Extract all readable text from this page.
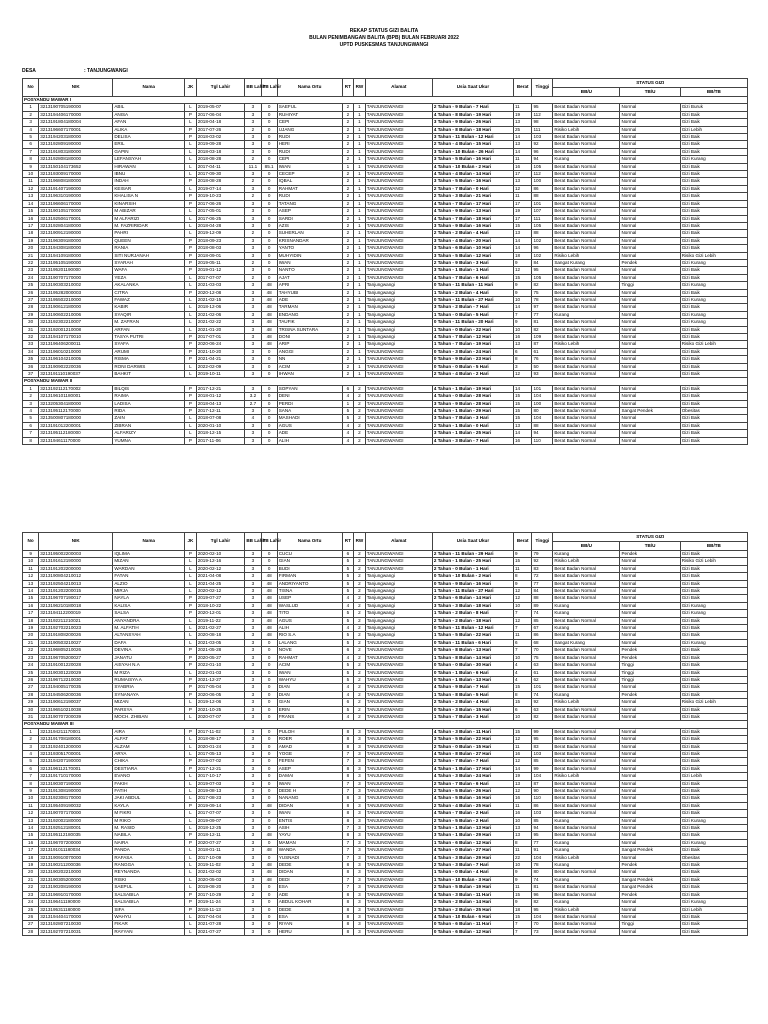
REKAP STATUS GIZI BALITA
BULAN PENIMBANGAN BALITA (BPB) BULAN FEBRUARI 2022
UPTD PUSKESMAS TANJUNGWANGI
DESA	: TANJUNGWANGI
No	NIK	Nama	JK	Tgl Lahir	BB Lahir	TB Lahir	Nama Ortu	RT	RW	Alamat	Usia Saat Ukur	Berat	Tinggi	STATUS GIZI		
														BB/U	TB/U	BB/TB
POSYANDU MAWAR I																
1	3213190705190000	ABIL	L	2019-05-07	3	0	SAEFUL	2	1	TANJUNGWANGI	2 Tahun - 9 Bulan - 7 Hari	11	95	Berat Badan Normal	Normal	Gizi Buruk
2	3213194406170000	ANISA	P	2017-06-04	3	0	RUHIYAT	2	1	TANJUNGWANGI	4 Tahun - 8 Bulan - 19 Hari	19	112	Berat Badan Normal	Normal	Gizi Baik
3	3213191804180004	AFAN	L	2018-04-18	3	0	CEPI	2	1	TANJUNGWANGI	3 Tahun - 9 Bulan - 26 Hari	13	98	Berat Badan Normal	Normal	Gizi Baik
4	3213196607170001	ALIKA	P	2017-07-26	2	0	UJANG	2	1	TANJUNGWANGI	4 Tahun - 8 Bulan - 18 Hari	25	111	Risiko Lebih	Normal	Gizi Lebih
5	3213194203180000	DELISA	P	2018-03-02	3	0	RUDI	2	1	TANJUNGWANGI	3 Tahun - 11 Bulan - 12 Hari	14	103	Berat Badan Normal	Normal	Gizi Baik
6	3213192809190000	ERIL	L	2019-09-28	3	0	HERI	2	1	TANJUNGWANGI	2 Tahun - 4 Bulan - 15 Hari	13	92	Berat Badan Normal	Normal	Gizi Baik
7	3213191803180000	GAPIN	L	2018-03-18	3	0	RUDI	2	1	TANJUNGWANGI	3 Tahun - 10 Bulan - 26 Hari	14	96	Berat Badan Normal	Normal	Gizi Baik
8	3213192808180000	LEFANSYAH	L	2018-08-28	2	0	CEPI	2	1	TANJUNGWANGI	3 Tahun - 5 Bulan - 16 Hari	11	94	Kurang	Normal	Gizi Kurang
9	3213150104173652	HIRAWAN	L	2017-04-11	11.1	85.1	IWAN	1	1	TANJUNGWANGI	4 Tahun - 10 Bulan - 2 Hari	16	105	Berat Badan Normal	Normal	Gizi Baik
10	3213193009170000	IBNU	L	2017-09-30	3	0	CECEP	2	1	TANJUNGWANGI	4 Tahun - 4 Bulan - 14 Hari	17	112	Berat Badan Normal	Normal	Gizi Baik
11	3213196808180000	INDAH	P	2018-08-28	2	0	IQBAL	2	1	TANJUNGWANGI	3 Tahun - 5 Bulan - 16 Hari	13	100	Berat Badan Normal	Normal	Gizi Baik
12	3213191407190000	KEISAR	L	2019-07-14	3	0	RAHMAT	2	1	TANJUNGWANGI	2 Tahun - 7 Bulan - 0 Hari	12	86	Berat Badan Normal	Normal	Gizi Baik
13	3213196310190000	KHALISA N	P	2019-10-23	2	0	RUDI	2	1	TANJUNGWANGI	2 Tahun - 3 Bulan - 21 Hari	11	88	Berat Badan Normal	Normal	Gizi Baik
14	3213196606170000	KINARSIH	P	2017-06-26	3	0	TATANG	2	1	TANJUNGWANGI	4 Tahun - 7 Bulan - 17 Hari	17	101	Berat Badan Normal	Normal	Gizi Baik
15	3213190105170000	M ABIZAR	L	2017-05-01	3	0	ASEP	2	1	TANJUNGWANGI	4 Tahun - 9 Bulan - 13 Hari	19	107	Berat Badan Normal	Normal	Gizi Baik
16	3213192506170001	M ALFARIZI	L	2017-06-25	3	0	SARDI	2	1	TANJUNGWANGI	4 Tahun - 7 Bulan - 18 Hari	17	111	Berat Badan Normal	Normal	Gizi Baik
17	3213192804180000	M. FAZRIRIDAR	L	2018-04-28	3	0	AZIS	2	1	TANJUNGWANGI	3 Tahun - 9 Bulan - 16 Hari	15	105	Berat Badan Normal	Normal	Gizi Baik
18	3213190912190000	PAHRI	L	2019-12-09	2	0	SUHERLAN	2	1	TANJUNGWANGI	2 Tahun - 2 Bulan - 4 Hari	13	88	Berat Badan Normal	Normal	Gizi Baik
19	3213196309180000	QUEEN	P	2018-09-23	3	0	KRISNANDAR	2	1	TANJUNGWANGI	3 Tahun - 4 Bulan - 20 Hari	14	102	Berat Badan Normal	Normal	Gizi Baik
20	3213194308180000	RANIA	P	2018-08-03	3	0	YANTO	2	1	TANJUNGWANGI	3 Tahun - 6 Bulan - 10 Hari	14	96	Berat Badan Normal	Normal	Gizi Baik
21	3213194109180000	SITI NURJANAH	P	2018-09-01	3	0	MUHYIDIN	2	1	TANJUNGWANGI	3 Tahun - 5 Bulan - 12 Hari	18	102	Risiko Lebih	Normal	Risiko Gizi Lebih
22	3213195105190000	SYARAH	P	2019-05-11	2	0	IWAN	2	1	TANJUNGWANGI	2 Tahun - 9 Bulan - 3 Hari	9	84	Sangat Kurang	Pendek	Gizi Kurang
23	3213195201190000	WAFA	P	2019-01-12	3	0	NANTO	2	1	TANJUNGWANGI	3 Tahun - 1 Bulan - 1 Hari	12	95	Berat Badan Normal	Normal	Gizi Baik
24	3213190707170000	YEZA	L	2017-07-07	2	0	AJAT	2	1	TANJUNGWANGI	4 Tahun - 7 Bulan - 6 Hari	15	105	Berat Badan Normal	Normal	Gizi Baik
25	3213190303210002	AKALANKA	L	2021-03-03	3	48	APRI	2	1	Tanjungwangi	0 Tahun - 11 Bulan - 11 Hari	9	82	Berat Badan Normal	Tinggi	Gizi Kurang
26	3213195282000003	CITRA	P	2020-12-08	3	48	TAHYUBI	2	1	Tanjungwangi	1 Tahun - 2 Bulan - 4 Hari	9	75	Berat Badan Normal	Normal	Gizi Baik
27	3213195502210000	FAWAZ	L	2021-02-15	3	48	ADE	2	1	Tanjungwangi	0 Tahun - 11 Bulan - 27 Hari	10	78	Berat Badan Normal	Normal	Gizi Kurang
28	3213190612180000	KABIR	L	2018-12-06	3	48	TARMAN	2	1	Tanjungwangi	3 Tahun - 2 Bulan - 7 Hari	14	97	Berat Badan Normal	Normal	Gizi Baik
29	3213190602210006	SYAQIR	L	2021-02-06	3	48	ENDANG	2	1	Tanjungwangi	1 Tahun - 0 Bulan - 5 Hari	7	77	Kurang	Normal	Gizi Kurang
30	3213192302210007	M. ZAFRAN	L	2021-02-22	3	48	TAUFIK	2	1	Tanjungwangi	0 Tahun - 11 Bulan - 20 Hari	9	81	Berat Badan Normal	Normal	Gizi Kurang
31	3213192001210008	ARFAN	L	2021-01-20	3	48	TRISNA SUNTARA	2	1	Tanjungwangi	1 Tahun - 0 Bulan - 22 Hari	10	82	Berat Badan Normal	Normal	Gizi Baik
32	3213194107170010	TASYA PUTRI	P	2017-07-01	3	48	DONI	2	1	Tanjungwangi	4 Tahun - 7 Bulan - 12 Hari	16	109	Berat Badan Normal	Normal	Gizi Baik
33	3213196406200011	SYAFA	P	2020-06-24	3	48	ARIP	2	1	Tanjungwangi	1 Tahun - 7 Bulan - 19 Hari	13	87	Risiko Lebih	Normal	Risiko Gizi Lebih
34	3213196010210000	ARUMI	P	2021-10-20	3	0	ANGGI	2	1	TANJUNGWANGI	0 Tahun - 3 Bulan - 24 Hari	6	61	Berat Badan Normal	Normal	Gizi Baik
35	3213196104210005	RISMA	P	2021-04-21	3	0	NN	2	1	TANJUNGWANGI	0 Tahun - 9 Bulan - 23 Hari	8	76	Berat Badan Normal	Normal	Gizi Baik
36	3213190902220036	RONI DARWIS	L	2022-02-09	3	0	ACIM	2	1	TANJUNGWANGI	0 Tahun - 0 Bulan - 5 Hari	3	50	Berat Badan Normal	Normal	Gizi Baik
37	3213191110190037	BAHKIT	L	2019-10-11	3	0	IHWAN	2	1	TANJUNGWANGI	2 Tahun - 4 Bulan - 2 Hari	12	93	Berat Badan Normal	Normal	Gizi Baik
POSYANDU MAWAR II																
1	3213192112170002	BILQIS	P	2017-12-21	3	0	SOPYAN	6	2	TANJUNGWANGI	4 Tahun - 1 Bulan - 19 Hari	14	101	Berat Badan Normal	Normal	Gizi Baik
2	3213196101180001	RAIMA	P	2018-01-12	3.2	0	DENI	4	2	TANJUNGWANGI	4 Tahun - 0 Bulan - 28 Hari	15	104	Berat Badan Normal	Normal	Gizi Baik
3	3213205304180000	LADISA	P	2018-04-13	2.7	0	PERDI	1	2	TANJUNGWANGI	3 Tahun - 9 Bulan - 28 Hari	15	100	Berat Badan Normal	Normal	Gizi Baik
4	3213195112170000	RIDA	P	2017-12-11	3	0	SANA	5	2	TANJUNGWANGI	4 Tahun - 1 Bulan - 29 Hari	15	80	Berat Badan Normal	Sangat Pendek	Obesitas
5	3213500807180000	ZAIN	L	2018-07-08	4	0	MASHADI	5	2	TANJUNGWANGI	3 Tahun - 7 Bulan - 3 Hari	15	104	Berat Badan Normal	Normal	Gizi Baik
6	3213191012200001	ZIBRAN	L	2020-01-10	3	0	AGUS	4	2	TANJUNGWANGI	2 Tahun - 1 Bulan - 0 Hari	13	88	Berat Badan Normal	Normal	Gizi Baik
7	3213195112180000	ALFARIZY	L	2018-12-15	3	0	ADE	4	2	TANJUNGWANGI	3 Tahun - 1 Bulan - 25 Hari	14	94	Berat Badan Normal	Normal	Gizi Baik
8	3213194611170000	YUMNA	P	2017-11-06	3	0	ALIH	4	2	TANJUNGWANGI	4 Tahun - 3 Bulan - 7 Hari	16	110	Berat Badan Normal	Normal	Gizi Baik
No	NIK	Nama	JK	Tgl Lahir	BB Lahir	TB Lahir	Nama Ortu	RT	RW	Alamat	Usia Saat Ukur	Berat	Tinggi	STATUS GIZI		
														BB/U	TB/U	BB/TB
9	3213195002200003	IQLIMA	P	2020-02-10	3	0	CUCU	6	2	TANJUNGWANGI	2 Tahun - 11 Bulan - 29 Hari	9	79	Kurang	Pendek	Gizi Baik
10	3213191612190000	MIZAN	L	2019-12-16	3	0	GIAN	5	2	TANJUNGWANGI	2 Tahun - 1 Bulan - 25 Hari	15	92	Risiko Lebih	Normal	Risiko Gizi Lebih
11	3213191202200000	WARDAN	L	2020-02-12	3	0	BUDI	5	2	TANJUNGWANGI	2 Tahun - 0 Bulan - 1 Hari	11	83	Berat Badan Normal	Normal	Gizi Baik
12	3213190804210012	FATAN	L	2021-04-08	3	48	FIRMAN	5	2	Tanjungwangi	0 Tahun - 10 Bulan - 2 Hari	8	72	Berat Badan Normal	Normal	Gizi Baik
13	3213192504210013	ALZIO	L	2021-04-25	3	48	ANDRIYANTO	5	2	Tanjungwangi	0 Tahun - 9 Bulan - 16 Hari	9	77	Berat Badan Normal	Normal	Gizi Baik
14	3213191202200015	MIRJA	L	2020-02-12	3	48	TISNA	5	2	Tanjungwangi	1 Tahun - 11 Bulan - 27 Hari	12	84	Berat Badan Normal	Normal	Gizi Baik
15	3213196707190017	NAYLA	P	2019-07-27	3	48	USEP	4	2	Tanjungwangi	2 Tahun - 6 Bulan - 14 Hari	12	88	Berat Badan Normal	Normal	Gizi Baik
16	3213196210180018	KALISA	P	2018-10-22	3	48	WASLUD	4	2	Tanjungwangi	3 Tahun - 3 Bulan - 18 Hari	10	89	Kurang	Normal	Gizi Kurang
17	3213194112200019	SALSA	P	2020-12-01	3	48	TITO	5	2	Tanjungwangi	1 Tahun - 2 Bulan - 8 Hari	7	74	Kurang	Normal	Gizi Kurang
18	3213192211210021	ANYANDRA	L	2019-11-22	3	48	AGUS	5	2	Tanjungwangi	2 Tahun - 2 Bulan - 18 Hari	12	85	Berat Badan Normal	Normal	Gizi Baik
19	3213192702210023	M. ALFATIH	L	2021-02-27	3	48	ALIH	4	2	Tanjungwangi	0 Tahun - 11 Bulan - 12 Hari	7	67	Kurang	Normal	Gizi Baik
20	3213191808200026	ALTANSYAH	L	2020-08-18	3	48	RIO S.A	5	2	Tanjungwangi	1 Tahun - 5 Bulan - 22 Hari	11	86	Berat Badan Normal	Normal	Gizi Baik
21	3213190503210027	DAFA	L	2021-03-05	3	0	LALANG	5	2	TANJUNGWANGI	0 Tahun - 11 Bulan - 6 Hari	6	68	Sangat Kurang	Normal	Gizi Kurang
22	3213196805210026	DEVINA	P	2021-05-28	3	0	NOVE	6	2	TANJUNGWANGI	0 Tahun - 8 Bulan - 13 Hari	7	70	Berat Badan Normal	Pendek	Gizi Baik
23	3213196705200027	JANATU	P	2020-05-27	3	0	RAHMAT	4	2	TANJUNGWANGI	1 Tahun - 8 Bulan - 14 Hari	10	75	Berat Badan Normal	Pendek	Gizi Baik
24	3213191001220028	AISYAH N.A	P	2022-01-10	3	0	ACIM	5	2	TANJUNGWANGI	0 Tahun - 0 Bulan - 30 Hari	4	63	Berat Badan Normal	Tinggi	Gizi Baik
25	3213190301220029	M RIZA	L	2022-01-03	3	0	IWAN	5	2	TANJUNGWANGI	0 Tahun - 1 Bulan - 6 Hari	4	61	Berat Badan Normal	Tinggi	Gizi Baik
26	3213196712210030	RUMAISYA A	P	2021-12-27	3	0	WAHYU	5	2	TANJUNGWANGI	0 Tahun - 1 Bulan - 13 Hari	4	62	Berat Badan Normal	Tinggi	Gizi Baik
27	3213194005170035	SYABRIA	P	2017-05-04	3	0	DIAN	4	2	TANJUNGWANGI	4 Tahun - 9 Bulan - 7 Hari	15	101	Berat Badan Normal	Normal	Gizi Baik
28	3213194506200036	SYNANAYA	P	2020-06-05	3	0	DIAN	4	2	TANJUNGWANGI	1 Tahun - 8 Bulan - 5 Hari	8	74	Kurang	Pendek	Gizi Baik
29	3213190612190037	MIZAN	L	2019-12-06	3	0	GIAN	6	2	TANJUNGWANGI	2 Tahun - 2 Bulan - 4 Hari	15	92	Risiko Lebih	Normal	Risiko Gizi Lebih
30	3213196510210038	PARSYA	P	2021-10-25	3	0	ERIN	5	2	TANJUNGWANGI	0 Tahun - 3 Bulan - 15 Hari	6	63	Berat Badan Normal	Normal	Gizi Baik
31	3213190707200039	MOCH. ZHIBAN	L	2020-07-07	3	0	FRANS	4	2	TANJUNGWANGI	1 Tahun - 7 Bulan - 3 Hari	10	82	Berat Badan Normal	Normal	Gizi Baik
POSYANDU MAWAR III																
1	3213194211170001	AIRA	P	2017-11-02	3	0	PULOH	8	3	TANJUNGWANGI	4 Tahun - 3 Bulan - 11 Hari	15	99	Berat Badan Normal	Normal	Gizi Baik
2	3213191708180001	ALFAT	L	2018-08-17	3	0	ROER	8	3	TANJUNGWANGI	3 Tahun - 5 Bulan - 22 Hari	12	95	Berat Badan Normal	Normal	Gizi Baik
3	3213192401200000	ALZAM	L	2020-01-24	3	0	AMAD	8	3	TANJUNGWANGI	2 Tahun - 0 Bulan - 15 Hari	11	83	Berat Badan Normal	Normal	Gizi Baik
4	3213193051700001	ARYA	L	2017-05-13	3	0	YOGE	7	3	TANJUNGWANGI	4 Tahun - 8 Bulan - 27 Hari	16	103	Berat Badan Normal	Normal	Gizi Baik
5	3213194207190000	CHIKA	P	2019-07-02	3	0	FEFEN	7	3	TANJUNGWANGI	2 Tahun - 7 Bulan - 7 Hari	12	85	Berat Badan Normal	Normal	Gizi Baik
6	3213196112170001	DESTIARA	P	2017-12-21	3	0	ASEP	8	3	TANJUNGWANGI	4 Tahun - 1 Bulan - 17 Hari	14	99	Berat Badan Normal	Normal	Gizi Baik
7	3213191710170000	EVANO	L	2017-10-17	3	0	DAMAI	8	3	TANJUNGWANGI	4 Tahun - 3 Bulan - 24 Hari	19	104	Risiko Lebih	Normal	Gizi Lebih
8	3213190307190000	FAKIH	L	2019-07-03	3	0	IWAN	7	3	TANJUNGWANGI	2 Tahun - 7 Bulan - 6 Hari	13	87	Berat Badan Normal	Normal	Gizi Baik
9	3213191308190000	FATIH	L	2019-08-13	3	0	DEDE H	7	3	TANJUNGWANGI	2 Tahun - 5 Bulan - 26 Hari	12	90	Berat Badan Normal	Normal	Gizi Baik
10	3213192308170000	JAKI ABDUL	L	2017-08-23	3	0	NANANG	8	3	TANJUNGWANGI	4 Tahun - 5 Bulan - 16 Hari	16	110	Berat Badan Normal	Normal	Gizi Baik
11	3213195409190032	KAYLA	P	2019-09-14	3	48	DIDAN	8	3	TANJUNGWANGI	2 Tahun - 4 Bulan - 25 Hari	11	86	Berat Badan Normal	Normal	Gizi Baik
12	3213190707170000	M FIKRI	L	2017-07-07	3	0	IWAN	8	3	TANJUNGWANGI	4 Tahun - 7 Bulan - 2 Hari	16	103	Berat Badan Normal	Normal	Gizi Baik
13	3213192002180000	M RIKO	L	2019-09-07	3	0	ENTIS	8	3	TANJUNGWANGI	2 Tahun - 5 Bulan - 2 Hari	10	85	Kurang	Normal	Gizi Kurang
14	3213192512180001	M. RASID	L	2018-12-25	3	0	ASIH	7	3	TANJUNGWANGI	3 Tahun - 1 Bulan - 13 Hari	13	94	Berat Badan Normal	Normal	Gizi Baik
15	3213195112180035	NABILA	P	2018-12-11	3	48	YAYU	8	3	TANJUNGWANGI	3 Tahun - 1 Bulan - 29 Hari	13	95	Berat Badan Normal	Normal	Gizi Baik
16	3213196707200000	NAIRA	P	2020-07-27	3	0	MAMAN	7	3	TANJUNGWANGI	1 Tahun - 6 Bulan - 12 Hari	8	77	Kurang	Normal	Gizi Kurang
17	3213191011180034	PANDA	L	2018-01-11	3	48	WANDA	7	3	TANJUNGWANGI	4 Tahun - 0 Bulan - 27 Hari	11	91	Kurang	Sangat Pendek	Gizi Baik
18	3213190910070000	RAFASA	L	2017-10-09	3	0	YUSNADI	7	3	TANJUNGWANGI	4 Tahun - 3 Bulan - 29 Hari	22	104	Risiko Lebih	Normal	Obesitas
19	3213190211200036	RANGGA	L	2019-11-02	3	48	DEDE	8	3	TANJUNGWANGI	2 Tahun - 3 Bulan - 7 Hari	10	78	Kurang	Pendek	Gizi Baik
20	3213190202210000	REYNANDA	L	2021-02-02	3	48	DIDAN	8	3	TANJUNGWANGI	1 Tahun - 0 Bulan - 4 Hari	9	80	Berat Badan Normal	Normal	Gizi Baik
21	3213190305200000	RISKI	L	2020-05-03	3	48	DEDI	7	3	TANJUNGWANGI	1 Tahun - 10 Bulan - 3 Hari	9	74	Kurang	Sangat Pendek	Gizi Baik
22	3213190208190000	SAEPUL	L	2019-08-20	3	0	ESA	7	3	TANJUNGWANGI	2 Tahun - 5 Bulan - 19 Hari	11	81	Berat Badan Normal	Sangat Pendek	Gizi Baik
23	3213196910170000	SALSABILA	P	2017-10-29	2	0	ADE	8	3	TANJUNGWANGI	4 Tahun - 3 Bulan - 11 Hari	15	96	Berat Badan Normal	Pendek	Gizi Baik
24	3213196411190000	SALSABILA	P	2019-11-24	3	0	ABDUL KOHAR	8	3	TANJUNGWANGI	2 Tahun - 2 Bulan - 14 Hari	9	82	Kurang	Normal	Gizi Kurang
25	3213195311180000	SIFA	P	2018-11-13	3	0	DEDE	8	3	TANJUNGWANGI	3 Tahun - 2 Bulan - 25 Hari	18	95	Risiko Lebih	Normal	Gizi Lebih
26	3213194404170000	WAHYU	L	2017-04-04	3	0	ESA	8	3	TANJUNGWANGI	4 Tahun - 10 Bulan - 6 Hari	15	104	Berat Badan Normal	Normal	Gizi Baik
27	3213192807210030	FIKAR	L	2021-07-28	3	0	RIYAN	8	3	TANJUNGWANGI	0 Tahun - 6 Bulan - 11 Hari	7	70	Berat Badan Normal	Tinggi	Gizi Baik
28	3213192707210031	RAYYAN	L	2021-07-27	3	0	HERU	8	3	TANJUNGWANGI	0 Tahun - 6 Bulan - 12 Hari	7	73	Berat Badan Normal	Normal	Gizi Baik
